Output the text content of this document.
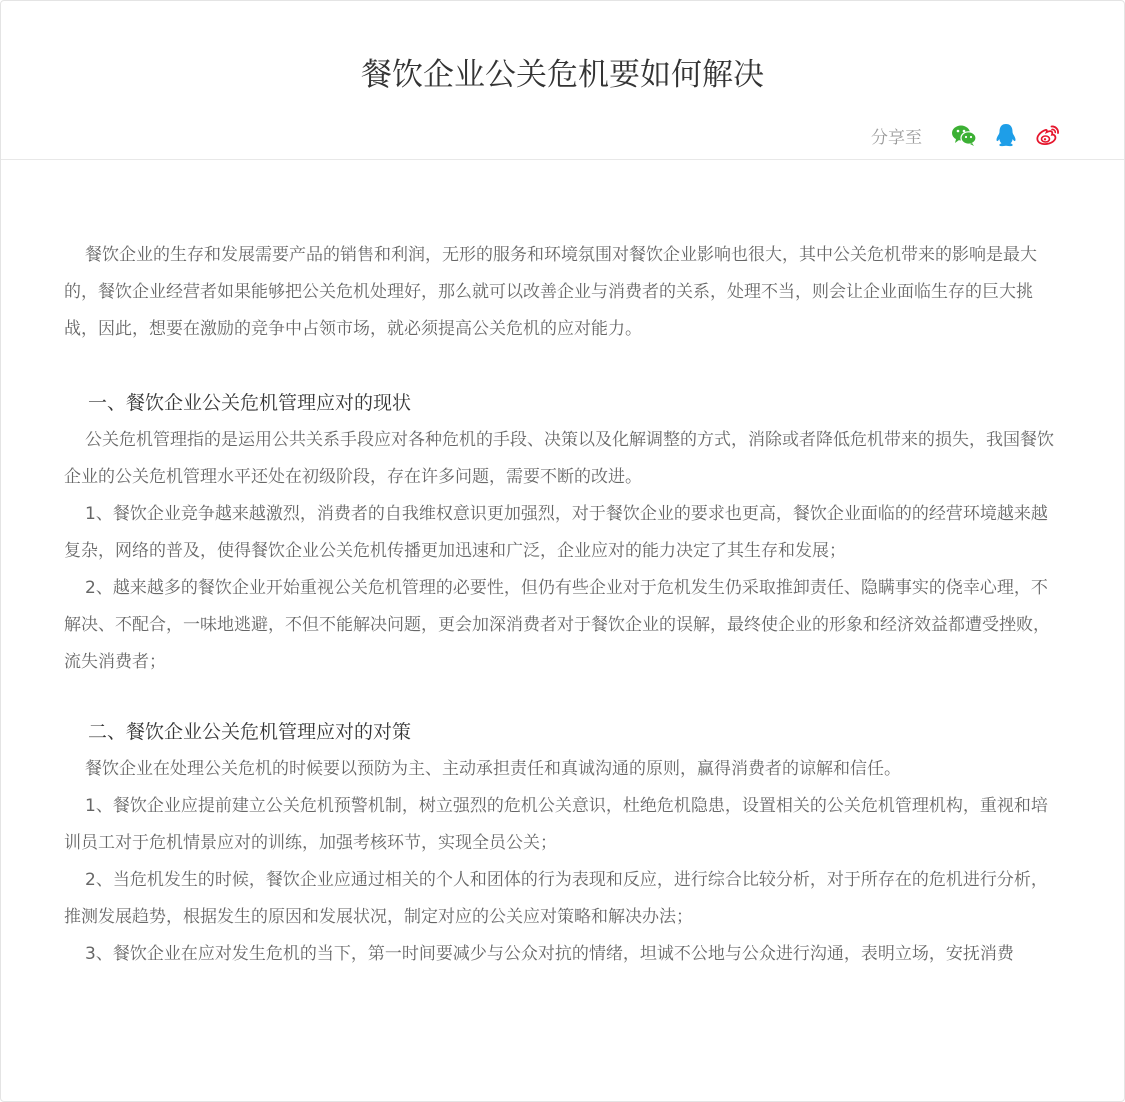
餐饮企业公关危机要如何解决
分享至

餐饮企业的生存和发展需要产品的销售和利润，无形的服务和环境氛围对餐饮企业影响也很大，其中公关危机带来的影响是最大的，餐饮企业经营者如果能够把公关危机处理好，那么就可以改善企业与消费者的关系，处理不当，则会让企业面临生存的巨大挑战，因此，想要在激励的竞争中占领市场，就必须提高公关危机的应对能力。

一、餐饮企业公关危机管理应对的现状

公关危机管理指的是运用公共关系手段应对各种危机的手段、决策以及化解调整的方式，消除或者降低危机带来的损失，我国餐饮企业的公关危机管理水平还处在初级阶段，存在许多问题，需要不断的改进。

1、餐饮企业竞争越来越激烈，消费者的自我维权意识更加强烈，对于餐饮企业的要求也更高，餐饮企业面临的的经营环境越来越复杂，网络的普及，使得餐饮企业公关危机传播更加迅速和广泛，企业应对的能力决定了其生存和发展；

2、越来越多的餐饮企业开始重视公关危机管理的必要性，但仍有些企业对于危机发生仍采取推卸责任、隐瞒事实的侥幸心理，不解决、不配合，一味地逃避，不但不能解决问题，更会加深消费者对于餐饮企业的误解，最终使企业的形象和经济效益都遭受挫败，流失消费者；

二、餐饮企业公关危机管理应对的对策

餐饮企业在处理公关危机的时候要以预防为主、主动承担责任和真诚沟通的原则，赢得消费者的谅解和信任。

1、餐饮企业应提前建立公关危机预警机制，树立强烈的危机公关意识，杜绝危机隐患，设置相关的公关危机管理机构，重视和培训员工对于危机情景应对的训练，加强考核环节，实现全员公关；

2、当危机发生的时候，餐饮企业应通过相关的个人和团体的行为表现和反应，进行综合比较分析，对于所存在的危机进行分析，推测发展趋势，根据发生的原因和发展状况，制定对应的公关应对策略和解决办法；

3、餐饮企业在应对发生危机的当下，第一时间要减少与公众对抗的情绪，坦诚不公地与公众进行沟通，表明立场，安抚消费
